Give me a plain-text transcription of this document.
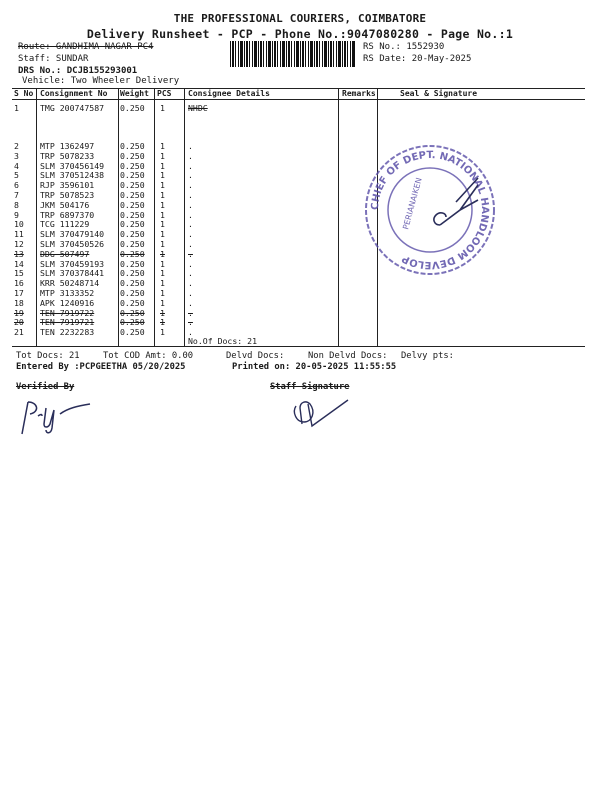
THE PROFESSIONAL COURIERS, COIMBATORE
Delivery Runsheet - PCP - Phone No.:9047080280 - Page No.:1
Route: GANDHIMA NAGAR PC4
Staff: SUNDAR
DRS No.: DCJB155293001
Vehicle: Two Wheeler Delivery
RS No.: 1552930
RS Date: 20-May-2025
S No Consignment No Weight PCS Consignee Details	Remarks	Seal & Signature
1	TMG 200747587 0.250 1	NHDC
2	MTP 1362497	0.250 1	.
3	TRP 5078233	0.250 1	.
4	SLM 370456149 0.250 1	.
5	SLM 370512438 0.250 1	.
6	RJP 3596101	0.250 1	.
7	TRP 5078523	0.250 1	.
8	JKM 504176	0.250 1	.
9	TRP 6897370	0.250 1	.
10 TCG 111229	0.250 1	.
11 SLM 370479140 0.250 1	.
12 SLM 370450526 0.250 1	.
13 DDG 507497	0.250 1	.
14 SLM 370459193 0.250 1	.
15 SLM 370378441 0.250 1	.
16 KRR 50248714	0.250 1	.
17 MTP 3133352	0.250 1	.
18 APK 1240916	0.250 1	.
19 TEN 7919722	0.250 1	.
20 TEN 7919721	0.250 1	.
21 TEN 2232283	0.250 1	.
No.Of Docs: 21
CHIEF OF DEPT. NATIONAL HANDLOOM DEVELOP
PERIANAIKEN
Tot Docs: 21	Tot COD Amt: 0.00	Delvd Docs:	Non Delvd Docs: Delvy pts:
Entered By :PCPGEETHA 05/20/2025	Printed on: 20-05-2025 11:55:55
Verified By	Staff Signature
